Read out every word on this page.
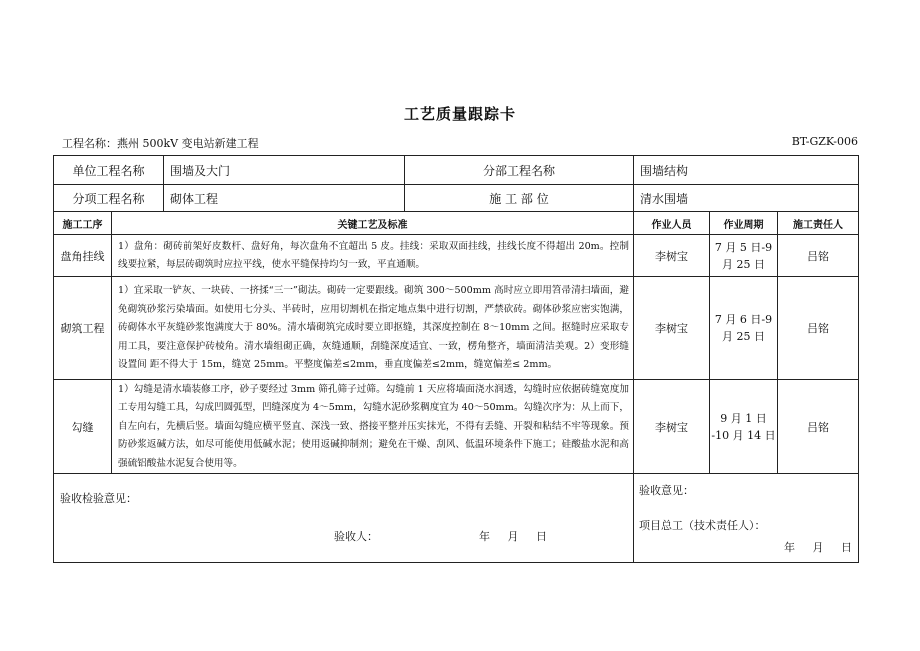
工艺质量跟踪卡
工程名称：燕州 500kV 变电站新建工程	BT-GZK-006
单位工程名称		围墙及大门	分部工程名称	围墙结构		
分项工程名称		砌体工程	施 工 部 位	清水围墙		
施工工序	关键工艺及标准			作业人员	作业周期	施工责任人
盘角挂线	1）盘角：砌砖前架好皮数杆、盘好角，每次盘角不宜超出 5 皮。挂线：采取双面挂线，挂线长度不得超出 20m。控制线要拉紧，每层砖砌筑时应拉平线，使水平缝保持均匀一致，平直通顺。			李树宝	7 月 5 日-9 月 25 日	吕铭
砌筑工程	1）宜采取一铲灰、一块砖、一挤揉“三一”砌法。砌砖一定要跟线。砌筑 300～500mm 高时应立即用笤帚清扫墙面，避免砌筑砂浆污染墙面。如使用七分头、半砖时，应用切割机在指定地点集中进行切割，严禁砍砖。砌体砂浆应密实饱满，砖砌体水平灰缝砂浆饱满度大于 80%。清水墙砌筑完成时要立即抠缝，其深度控制在 8～10mm 之间。抠缝时应采取专用工具，要注意保护砖棱角。清水墙组砌正确，灰缝通顺，刮缝深度适宜、一致，楞角整齐，墙面清洁美观。2）变形缝设置间 距不得大于 15m，缝宽 25mm。平整度偏差≤2mm，垂直度偏差≤2mm，缝宽偏差≤ 2mm。			李树宝	7 月 6 日-9 月 25 日	吕铭
勾缝	1）勾缝是清水墙装修工序，砂子要经过 3mm 筛孔筛子过筛。勾缝前 1 天应将墙面浇水润透，勾缝时应依据砖缝宽度加工专用勾缝工具，勾成凹圆弧型，凹缝深度为 4～5mm，勾缝水泥砂浆稠度宜为 40～50mm。勾缝次序为：从上而下，自左向右，先横后竖。墙面勾缝应横平竖直、深浅一致、搭接平整并压实抹光，不得有丢缝、开裂和粘结不牢等现象。预防砂浆返碱方法，如尽可能使用低碱水泥；使用返碱抑制剂；避免在干燥、刮风、低温环境条件下施工；硅酸盐水泥和高强硫铝酸盐水泥复合使用等。			李树宝	9 月 1 日 -10 月 14 日	吕铭

验收检验意见：
验收人： 年 月 日				验收意见：
项目总工（技术责任人）：
年 月 日		
